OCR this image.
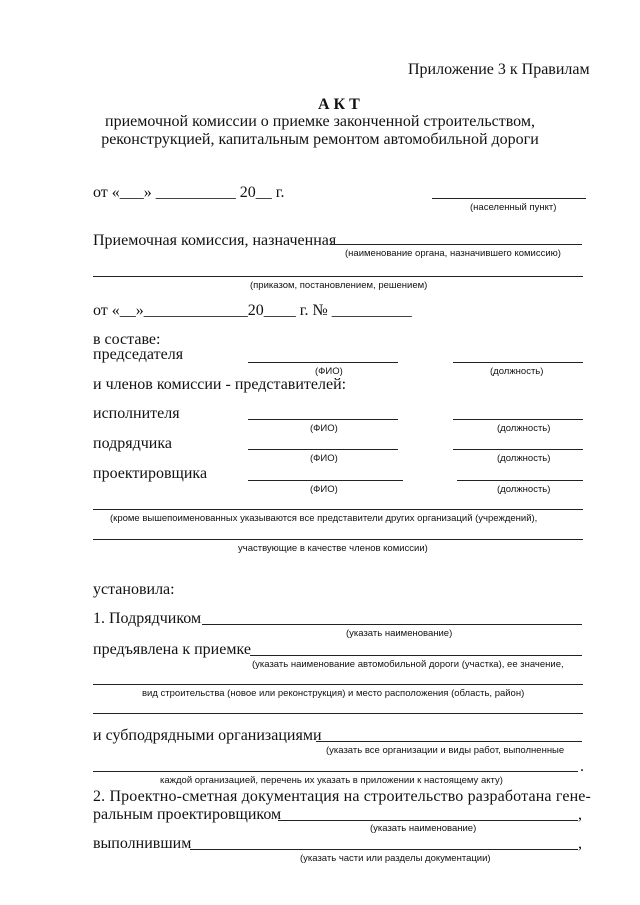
Приложение 3 к Правилам
А К Т
приемочной комиссии о приемке законченной строительством,
реконструкцией, капитальным ремонтом автомобильной дороги
от «___» __________ 20__ г.
(населенный пункт)
Приемочная комиссия, назначенная
(наименование органа, назначившего комиссию)
(приказом, постановлением, решением)
от «__»_____________20____ г. № __________
в составе:
председателя
(ФИО)	(должность)
и членов комиссии - представителей:
исполнителя
(ФИО)	(должность)
подрядчика
(ФИО)	(должность)
проектировщика
(ФИО)	(должность)
(кроме вышепоименованных указываются все представители других организаций (учреждений),
участвующие в качестве членов комиссии)
установила:
1. Подрядчиком
(указать наименование)
предъявлена к приемке
(указать наименование автомобильной дороги (участка), ее значение,
вид строительства (новое или реконструкция) и место расположения (область, район)
и субподрядными организациями
(указать все организации и виды работ, выполненные
.
каждой организацией, перечень их указать в приложении к настоящему акту)
2. Проектно-сметная документация на строительство разработана гене-
ральным проектировщиком	,
(указать наименование)
выполнившим	,
(указать части или разделы документации)
